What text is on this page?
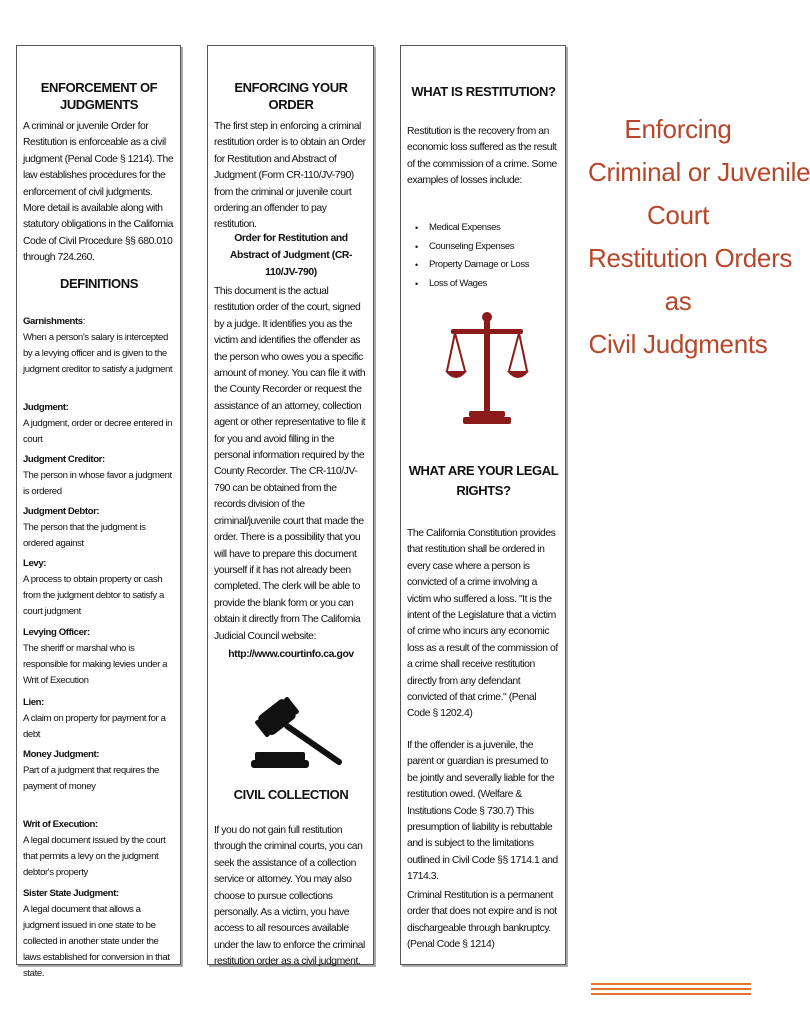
ENFORCEMENT OF JUDGMENTS
A criminal or juvenile Order for Restitution is enforceable as a civil judgment (Penal Code § 1214). The law establishes procedures for the enforcement of civil judgments. More detail is available along with statutory obligations in the California Code of Civil Procedure §§ 680.010 through 724.260.
DEFINITIONS
Garnishments:
When a person's salary is intercepted by a levying officer and is given to the judgment creditor to satisfy a judgment
Judgment:
A judgment, order or decree entered in court
Judgment Creditor:
The person in whose favor a judgment is ordered
Judgment Debtor:
The person that the judgment is ordered against
Levy:
A process to obtain property or cash from the judgment debtor to satisfy a court judgment
Levying Officer:
The sheriff or marshal who is responsible for making levies under a Writ of Execution
Lien:
A claim on property for payment for a debt
Money Judgment:
Part of a judgment that requires the payment of money
Writ of Execution:
A legal document issued by the court that permits a levy on the judgment debtor's property
Sister State Judgment:
A legal document that allows a judgment issued in one state to be collected in another state under the laws established for conversion in that state.
ENFORCING YOUR ORDER
The first step in enforcing a criminal restitution order is to obtain an Order for Restitution and Abstract of Judgment (Form CR-110/JV-790) from the criminal or juvenile court ordering an offender to pay restitution.
Order for Restitution and Abstract of Judgment (CR-110/JV-790)
This document is the actual restitution order of the court, signed by a judge. It identifies you as the victim and identifies the offender as the person who owes you a specific amount of money. You can file it with the County Recorder or request the assistance of an attorney, collection agent or other representative to file it for you and avoid filling in the personal information required by the County Recorder. The CR-110/JV-790 can be obtained from the records division of the criminal/juvenile court that made the order. There is a possibility that you will have to prepare this document yourself if it has not already been completed. The clerk will be able to provide the blank form or you can obtain it directly from The California Judicial Council website:
http://www.courtinfo.ca.gov
CIVIL COLLECTION
If you do not gain full restitution through the criminal courts, you can seek the assistance of a collection service or attorney. You may also choose to pursue collections personally. As a victim, you have access to all resources available under the law to enforce the criminal restitution order as a civil judgment.
WHAT IS RESTITUTION?
Restitution is the recovery from an economic loss suffered as the result of the commission of a crime. Some examples of losses include:
• Medical Expenses
• Counseling Expenses
• Property Damage or Loss
• Loss of Wages
WHAT ARE YOUR LEGAL RIGHTS?
The California Constitution provides that restitution shall be ordered in every case where a person is convicted of a crime involving a victim who suffered a loss. "It is the intent of the Legislature that a victim of crime who incurs any economic loss as a result of the commission of a crime shall receive restitution directly from any defendant convicted of that crime." (Penal Code § 1202.4)
If the offender is a juvenile, the parent or guardian is presumed to be jointly and severally liable for the restitution owed. (Welfare & Institutions Code § 730.7) This presumption of liability is rebuttable and is subject to the limitations outlined in Civil Code §§ 1714.1 and 1714.3.
Criminal Restitution is a permanent order that does not expire and is not dischargeable through bankruptcy. (Penal Code § 1214)
Enforcing
Criminal or Juvenile
Court
Restitution Orders
as
Civil Judgments
